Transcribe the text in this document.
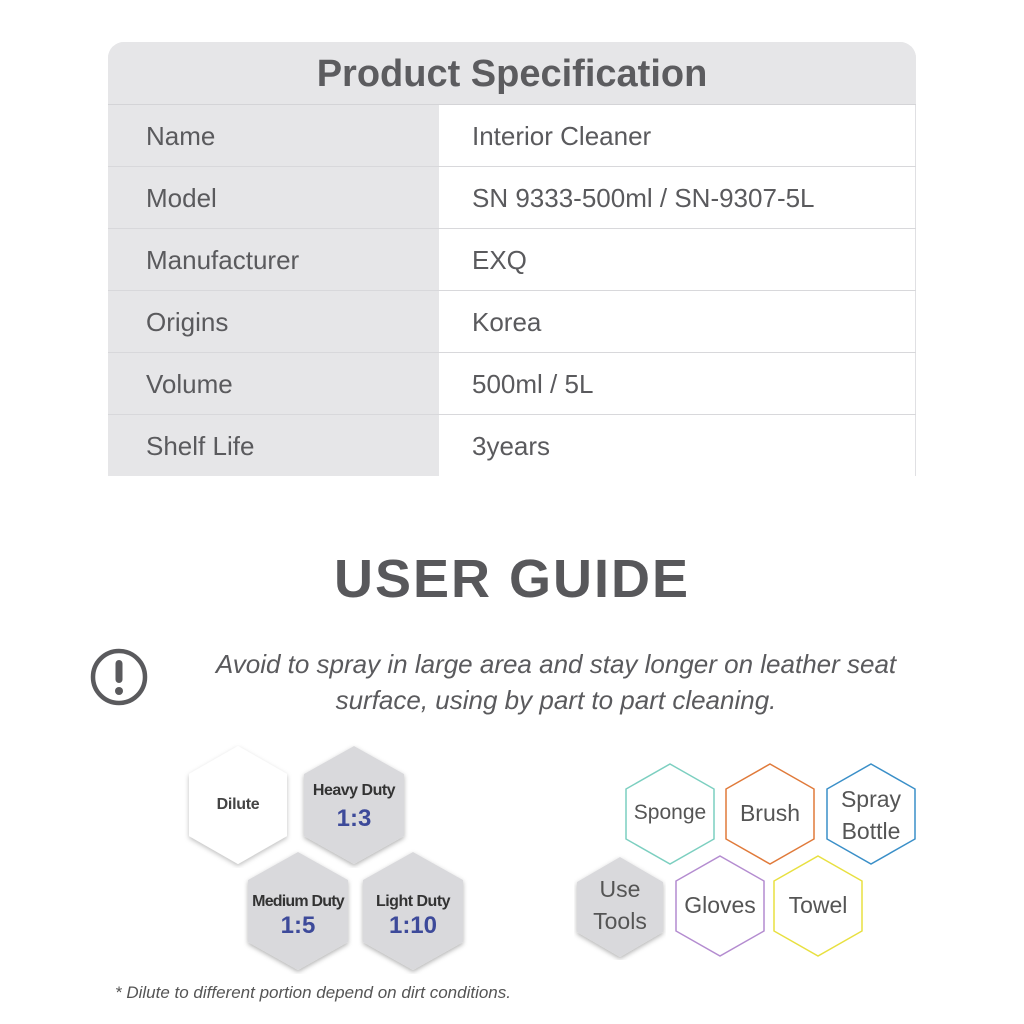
Product Specification
Name	Interior Cleaner
Model	SN 9333-500ml / SN-9307-5L
Manufacturer	EXQ
Origins	Korea
Volume	500ml / 5L
Shelf Life	3years
USER GUIDE
Avoid to spray in large area and stay longer on leather seat
surface, using by part to part cleaning.
Dilute
Heavy Duty
1:3
Medium Duty
1:5
Light Duty
1:10
Sponge	Brush
Spray
Bottle
Use
Tools
Gloves	Towel
* Dilute to different portion depend on dirt conditions.
